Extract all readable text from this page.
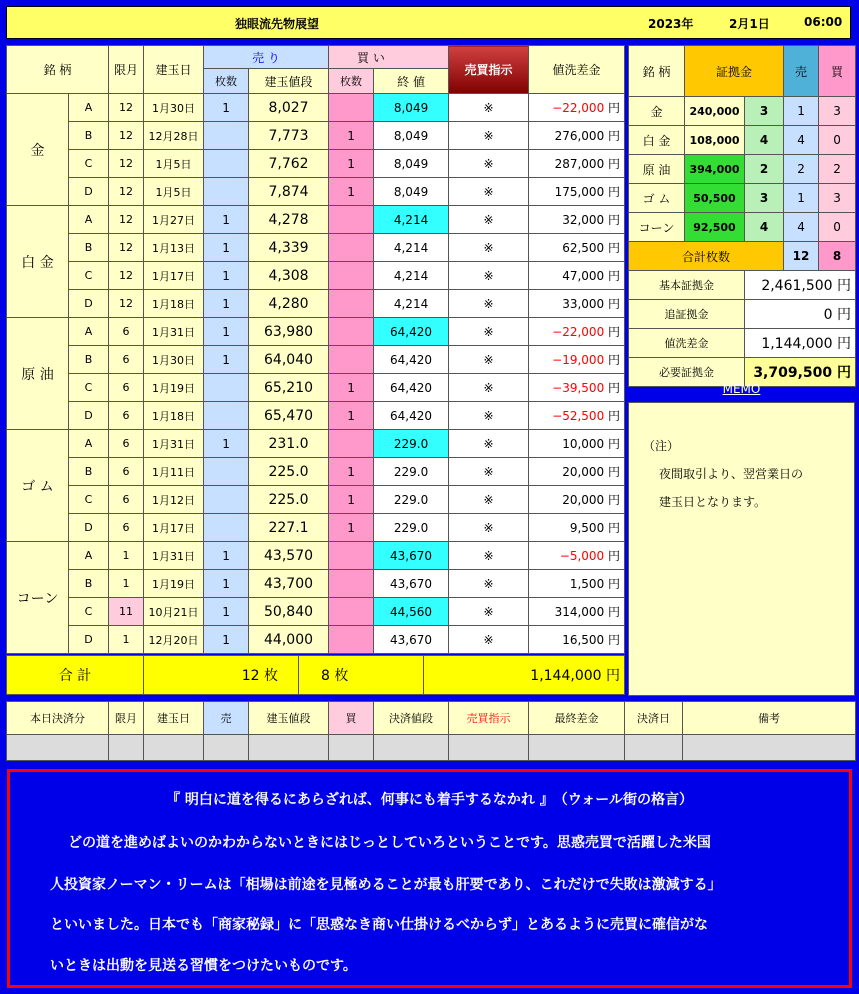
独眼流先物展望	2023年	2月1日	06:00
銘 柄		限月	建玉日	売 り		買 い		売買指示	値洗差金
				枚数	建玉値段	枚数	終 値		
金	A	12	1月30日	1	8,027		8,049	※	−22,000 円
	B	12	12月28日		7,773	1	8,049	※	276,000 円
	C	12	1月5日		7,762	1	8,049	※	287,000 円
	D	12	1月5日		7,874	1	8,049	※	175,000 円
白 金	A	12	1月27日	1	4,278		4,214	※	32,000 円
	B	12	1月13日	1	4,339		4,214	※	62,500 円
	C	12	1月17日	1	4,308		4,214	※	47,000 円
	D	12	1月18日	1	4,280		4,214	※	33,000 円
原 油	A	6	1月31日	1	63,980		64,420	※	−22,000 円
	B	6	1月30日	1	64,040		64,420	※	−19,000 円
	C	6	1月19日		65,210	1	64,420	※	−39,500 円
	D	6	1月18日		65,470	1	64,420	※	−52,500 円
ゴ ム	A	6	1月31日	1	231.0		229.0	※	10,000 円
	B	6	1月11日		225.0	1	229.0	※	20,000 円
	C	6	1月12日		225.0	1	229.0	※	20,000 円
	D	6	1月17日		227.1	1	229.0	※	9,500 円
コーン	A	1	1月31日	1	43,570		43,670	※	−5,000 円
	B	1	1月19日	1	43,700		43,670	※	1,500 円
	C	11	10月21日	1	50,840		44,560	※	314,000 円
	D	1	12月20日	1	44,000		43,670	※	16,500 円
合 計	12 枚	8 枚	1,144,000 円
銘 柄	証拠金		売	買
金	240,000	3	1	3
白 金	108,000	4	4	0
原 油	394,000	2	2	2
ゴ ム	50,500	3	1	3
コーン	92,500	4	4	0
合計枚数			12	8
基本証拠金		2,461,500 円		
追証拠金		0 円		
値洗差金		1,144,000 円		
必要証拠金		3,709,500 円		
MEMO
（注）
夜間取引より、翌営業日の
建玉日となります。
本日決済分	限月	建玉日	売	建玉値段	買	決済値段	売買指示	最終差金	決済日	備考

『 明白に道を得るにあらざれば、何事にも着手するなかれ 』　（ウォール街の格言）

どの道を進めばよいのかわからないときにはじっとしていろということです。思惑売買で活躍した米国

人投資家ノーマン・リームは「相場は前途を見極めることが最も肝要であり、これだけで失敗は激減する」

といいました。日本でも「商家秘録」に「思惑なき商い仕掛けるべからず」とあるように売買に確信がな

いときは出動を見送る習慣をつけたいものです。
